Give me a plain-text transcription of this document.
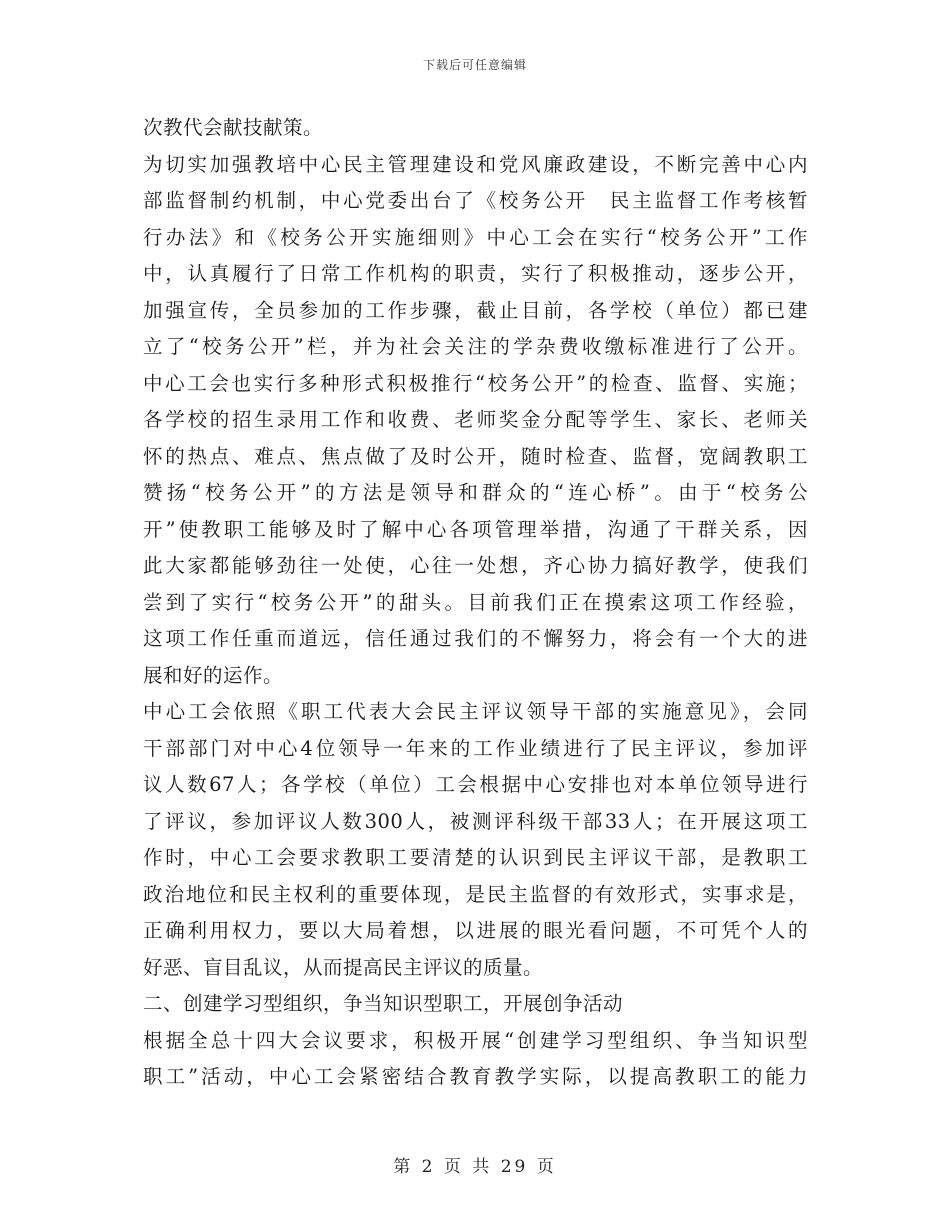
下载后可任意编辑
次教代会献技献策。
为切实加强教培中心民主管理建设和党风廉政建设，不断完善中心内
部监督制约机制，中心党委出台了《校务公开　民主监督工作考核暂
行办法》和《校务公开实施细则》中心工会在实行“校务公开”工作
中，认真履行了日常工作机构的职责，实行了积极推动，逐步公开，
加强宣传，全员参加的工作步骤，截止目前，各学校（单位）都已建
立了“校务公开”栏，并为社会关注的学杂费收缴标准进行了公开。
中心工会也实行多种形式积极推行“校务公开”的检查、监督、实施；
各学校的招生录用工作和收费、老师奖金分配等学生、家长、老师关
怀的热点、难点、焦点做了及时公开，随时检查、监督，宽阔教职工
赞扬“校务公开”的方法是领导和群众的“连心桥”。由于“校务公
开”使教职工能够及时了解中心各项管理举措，沟通了干群关系，因
此大家都能够劲往一处使，心往一处想，齐心协力搞好教学，使我们
尝到了实行“校务公开”的甜头。目前我们正在摸索这项工作经验，
这项工作任重而道远，信任通过我们的不懈努力，将会有一个大的进
展和好的运作。
中心工会依照《职工代表大会民主评议领导干部的实施意见》，会同
干部部门对中心4位领导一年来的工作业绩进行了民主评议，参加评
议人数67人；各学校（单位）工会根据中心安排也对本单位领导进行
了评议，参加评议人数300人，被测评科级干部33人；在开展这项工
作时，中心工会要求教职工要清楚的认识到民主评议干部，是教职工
政治地位和民主权利的重要体现，是民主监督的有效形式，实事求是，
正确利用权力，要以大局着想，以进展的眼光看问题，不可凭个人的
好恶、盲目乱议，从而提高民主评议的质量。
二、创建学习型组织，争当知识型职工，开展创争活动
根据全总十四大会议要求，积极开展“创建学习型组织、争当知识型
职工”活动，中心工会紧密结合教育教学实际，以提高教职工的能力
第 2 页 共 29 页
